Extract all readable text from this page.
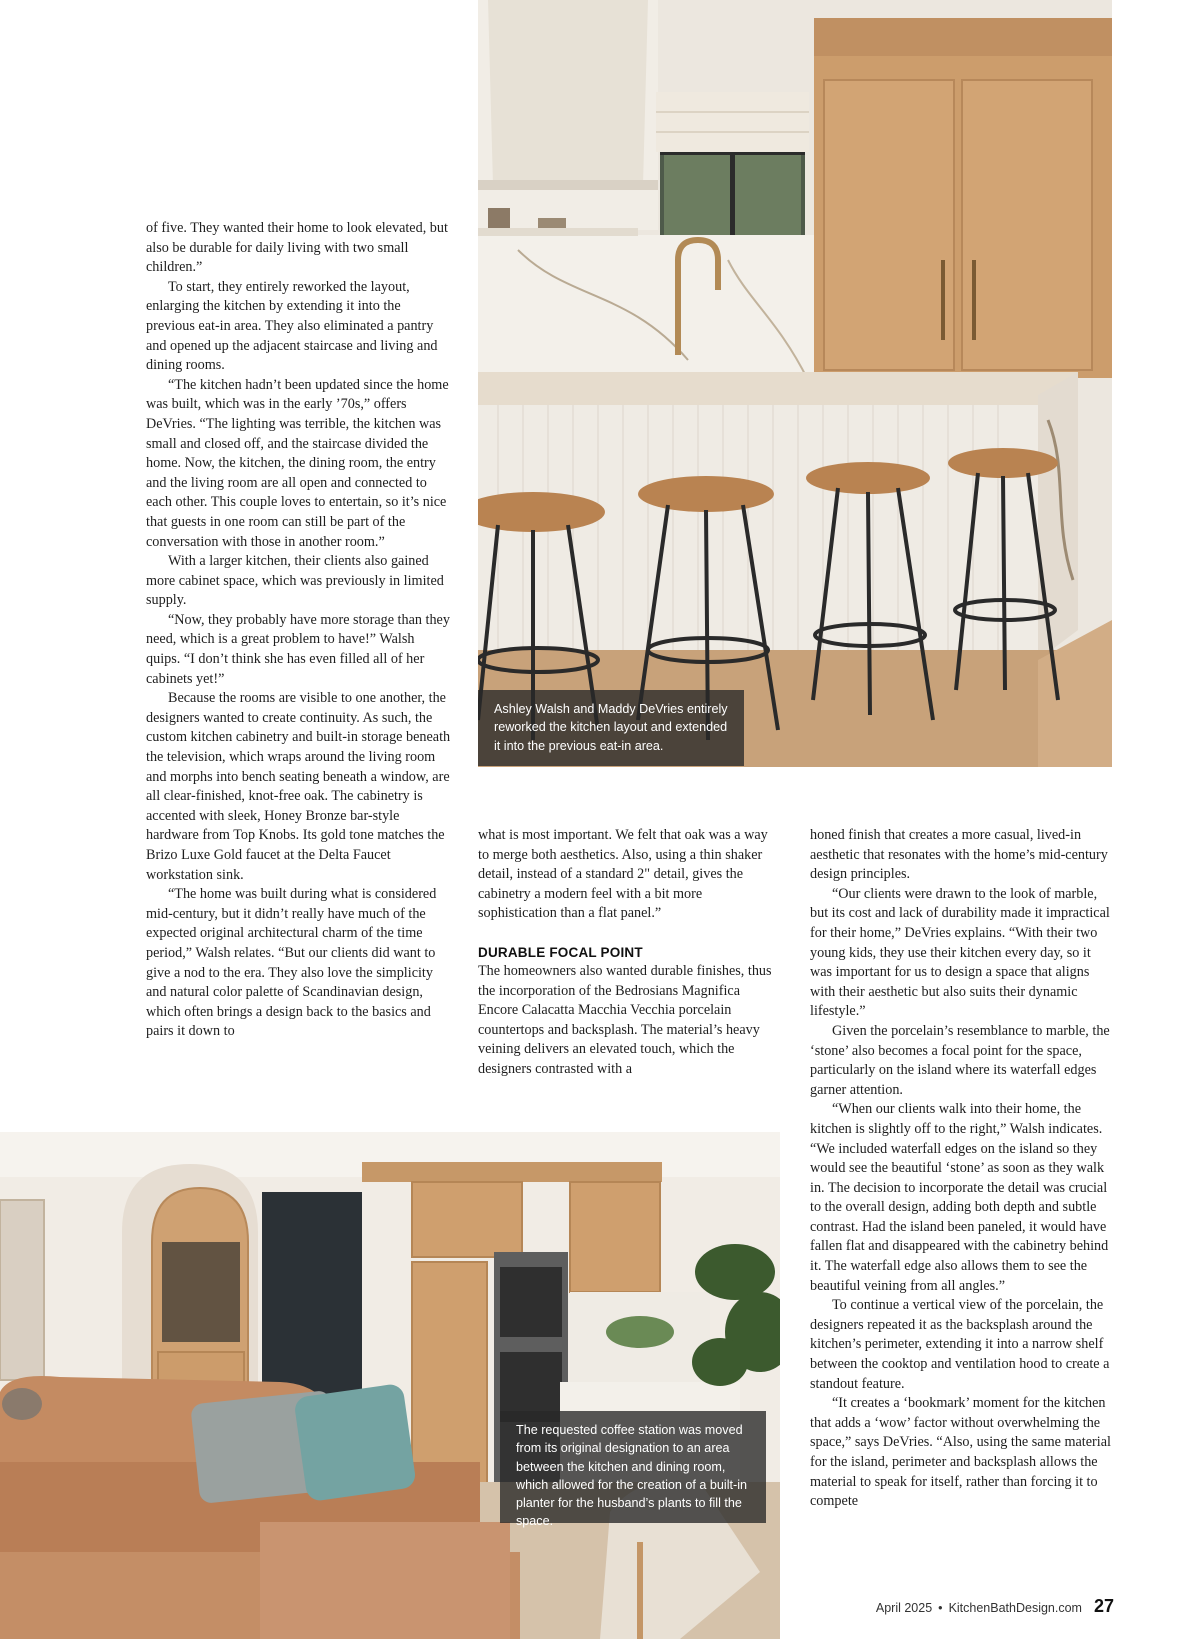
Ashley Walsh and Maddy DeVries entirely reworked the kitchen layout and extended it into the previous eat-in area.
The requested coffee station was moved from its original designation to an area between the kitchen and dining room, which allowed for the creation of a built-in planter for the husband’s plants to fill the space.

of five. They wanted their home to look elevated, but also be durable for daily living with two small children.”

To start, they entirely reworked the layout, enlarging the kitchen by extending it into the previous eat-in area. They also eliminated a pantry and opened up the adjacent staircase and living and dining rooms.

“The kitchen hadn’t been updated since the home was built, which was in the early ’70s,” offers DeVries. “The lighting was terrible, the kitchen was small and closed off, and the staircase divided the home. Now, the kitchen, the dining room, the entry and the living room are all open and connected to each other. This couple loves to entertain, so it’s nice that guests in one room can still be part of the conversation with those in another room.”

With a larger kitchen, their clients also gained more cabinet space, which was previously in limited supply.

“Now, they probably have more storage than they need, which is a great problem to have!” Walsh quips. “I don’t think she has even filled all of her cabinets yet!”

Because the rooms are visible to one another, the designers wanted to create continuity. As such, the custom kitchen cabinetry and built-in storage beneath the television, which wraps around the living room and morphs into bench seating beneath a window, are all clear-finished, knot-free oak. The cabinetry is accented with sleek, Honey Bronze bar-style hardware from Top Knobs. Its gold tone matches the Brizo Luxe Gold faucet at the Delta Faucet workstation sink.

“The home was built during what is considered mid-century, but it didn’t really have much of the expected original architectural charm of the time period,” Walsh relates. “But our clients did want to give a nod to the era. They also love the simplicity and natural color palette of Scandinavian design, which often brings a design back to the basics and pairs it down to

what is most important. We felt that oak was a way to merge both aesthetics. Also, using a thin shaker detail, instead of a standard 2" detail, gives the cabinetry a modern feel with a bit more sophistication than a flat panel.”

DURABLE FOCAL POINT

The homeowners also wanted durable finishes, thus the incorporation of the Bedrosians Magnifica Encore Calacatta Macchia Vecchia porcelain countertops and backsplash. The material’s heavy veining delivers an elevated touch, which the designers contrasted with a

honed finish that creates a more casual, lived-in aesthetic that resonates with the home’s mid-century design principles.

“Our clients were drawn to the look of marble, but its cost and lack of durability made it impractical for their home,” DeVries explains. “With their two young kids, they use their kitchen every day, so it was important for us to design a space that aligns with their aesthetic but also suits their dynamic lifestyle.”

Given the porcelain’s resemblance to marble, the ‘stone’ also becomes a focal point for the space, particularly on the island where its waterfall edges garner attention.

“When our clients walk into their home, the kitchen is slightly off to the right,” Walsh indicates. “We included waterfall edges on the island so they would see the beautiful ‘stone’ as soon as they walk in. The decision to incorporate the detail was crucial to the overall design, adding both depth and subtle contrast. Had the island been paneled, it would have fallen flat and disappeared with the cabinetry behind it. The waterfall edge also allows them to see the beautiful veining from all angles.”

To continue a vertical view of the porcelain, the designers repeated it as the backsplash around the kitchen’s perimeter, extending it into a narrow shelf between the cooktop and ventilation hood to create a standout feature.

“It creates a ‘bookmark’ moment for the kitchen that adds a ‘wow’ factor without overwhelming the space,” says DeVries. “Also, using the same material for the island, perimeter and backsplash allows the material to speak for itself, rather than forcing it to compete

April 2025 • KitchenBathDesign.com 27
